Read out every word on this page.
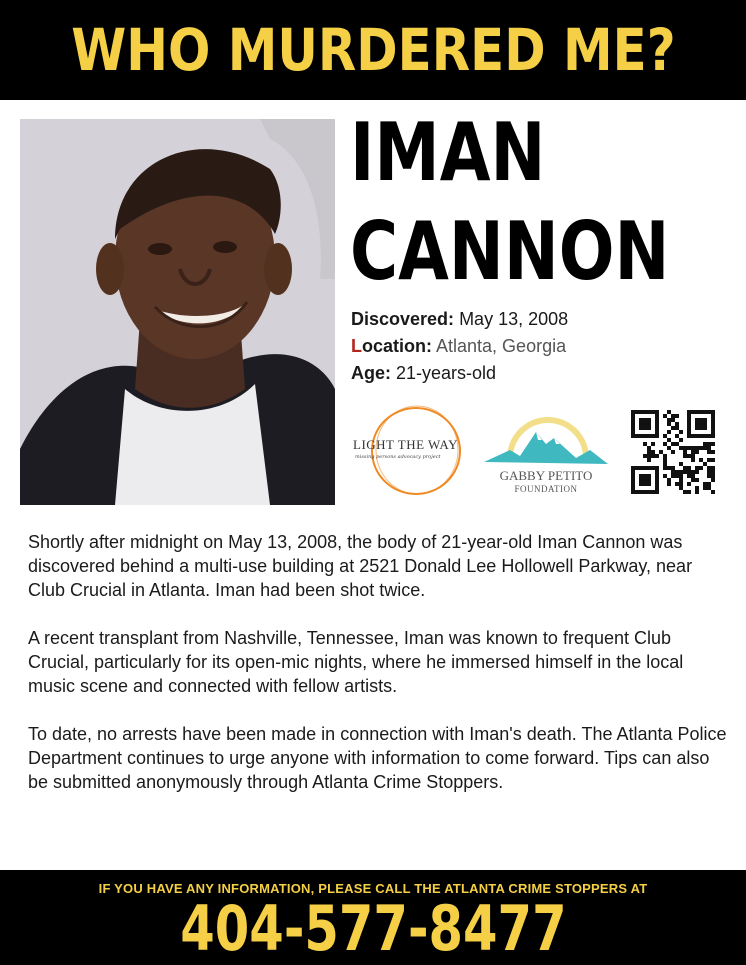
WHO MURDERED ME?
IMAN
CANNON
Discovered: May 13, 2008
Location: Atlanta, Georgia
Age: 21-years-old
LIGHT THE WAY
missing persons advocacy project
GABBY PETITO
FOUNDATION

Shortly after midnight on May 13, 2008, the body of 21-year-old Iman Cannon was discovered behind a multi-use building at 2521 Donald Lee Hollowell Parkway, near Club Crucial in Atlanta. Iman had been shot twice.

A recent transplant from Nashville, Tennessee, Iman was known to frequent Club Crucial, particularly for its open-mic nights, where he immersed himself in the local music scene and connected with fellow artists.

To date, no arrests have been made in connection with Iman's death. The Atlanta Police Department continues to urge anyone with information to come forward. Tips can also be submitted anonymously through Atlanta Crime Stoppers.

IF YOU HAVE ANY INFORMATION, PLEASE CALL THE ATLANTA CRIME STOPPERS AT
404-577-8477
